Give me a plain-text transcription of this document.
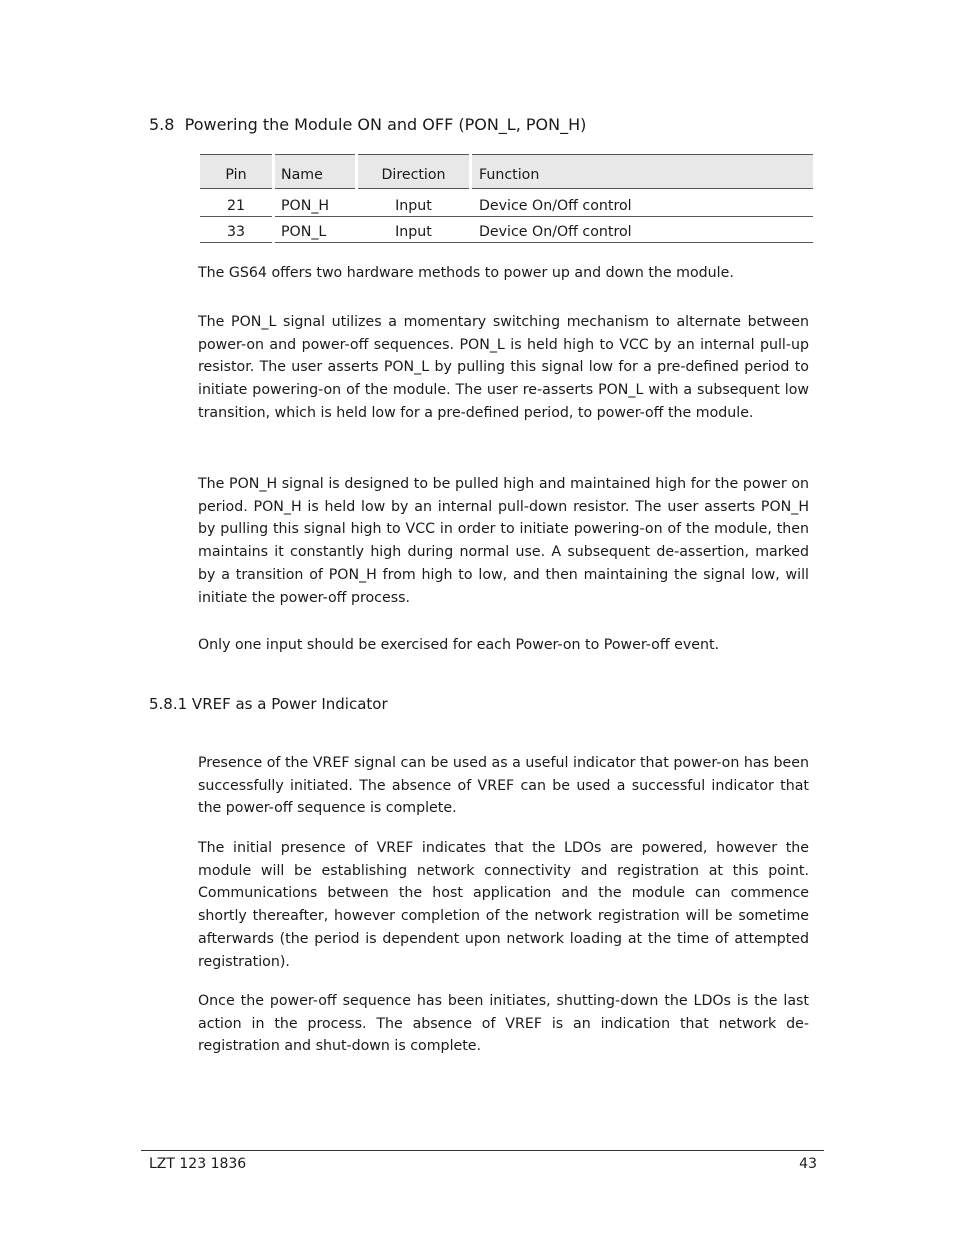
5.8  Powering the Module ON and OFF (PON_L, PON_H)
Pin	Name	Direction	Function
21	PON_H	Input	Device On/Off control
33	PON_L	Input	Device On/Off control

The GS64 offers two hardware methods to power up and down the module.

The PON_L signal utilizes a momentary switching mechanism to alternate between power-on and power-off sequences. PON_L is held high to VCC by an internal pull-up resistor. The user asserts PON_L by pulling this signal low for a pre-defined period to initiate powering-on of the module. The user re-asserts PON_L with a subsequent low transition, which is held low for a pre-defined period, to power-off the module.

The PON_H signal is designed to be pulled high and maintained high for the power on period. PON_H is held low by an internal pull-down resistor. The user asserts PON_H by pulling this signal high to VCC in order to initiate powering-on of the module, then maintains it constantly high during normal use. A subsequent de-assertion, marked by a transition of PON_H from high to low, and then maintaining the signal low, will initiate the power-off process.

Only one input should be exercised for each Power-on to Power-off event.

5.8.1 VREF as a Power Indicator

Presence of the VREF signal can be used as a useful indicator that power-on has been successfully initiated. The absence of VREF can be used a successful indicator that the power-off sequence is complete.

The initial presence of VREF indicates that the LDOs are powered, however the module will be establishing network connectivity and registration at this point. Communications between the host application and the module can commence shortly thereafter, however completion of the network registration will be sometime afterwards (the period is dependent upon network loading at the time of attempted registration).

Once the power-off sequence has been initiates, shutting-down the LDOs is the last action in the process. The absence of VREF is an indication that network de-registration and shut-down is complete.

LZT 123 1836	43
